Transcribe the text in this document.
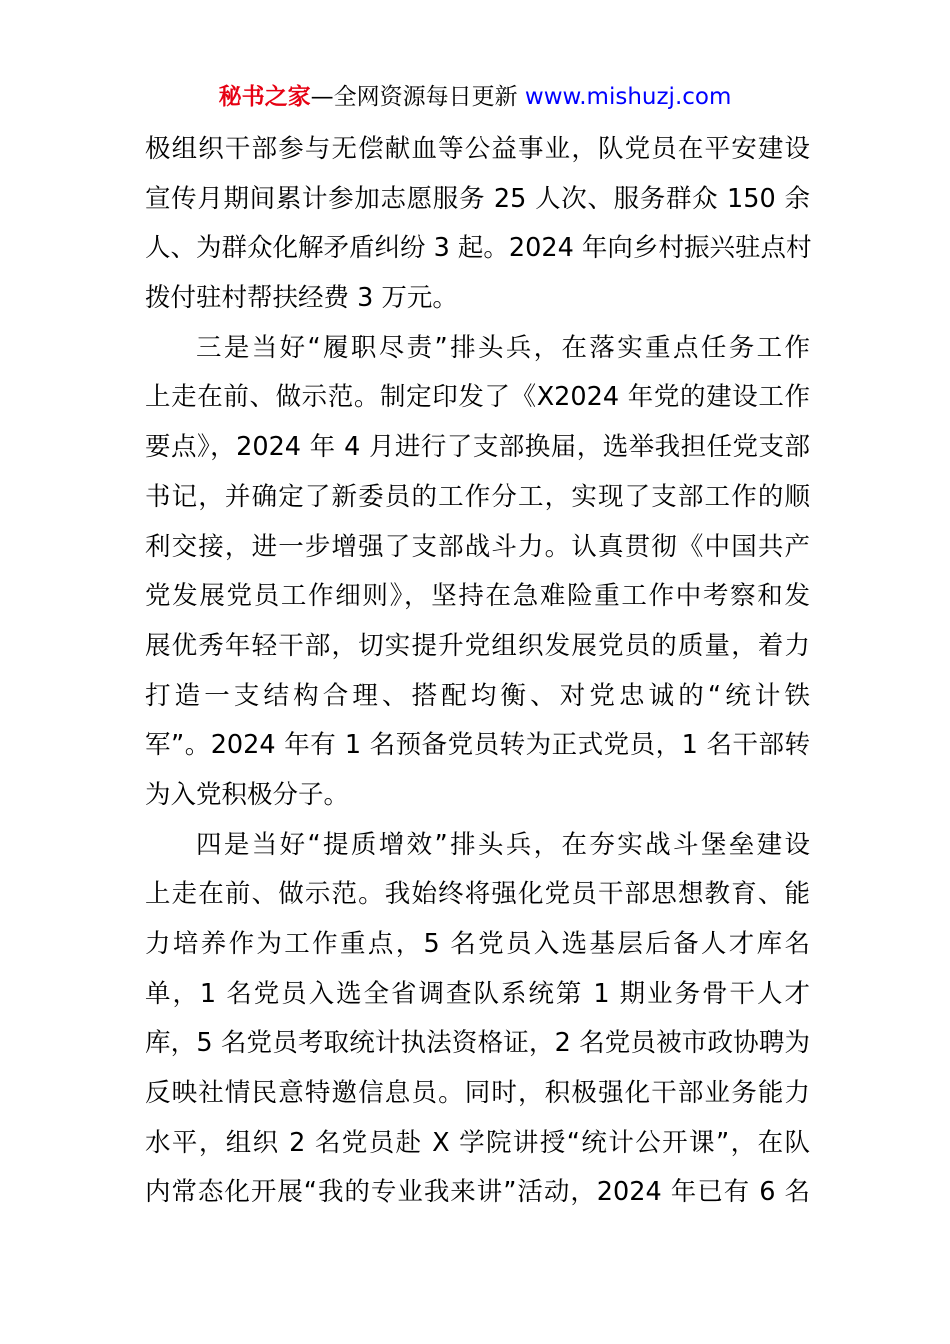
秘书之家—全网资源每日更新 www.mishuzj.com
极组织干部参与无偿献血等公益事业，队党员在平安建设
宣传月期间累计参加志愿服务 25 人次、服务群众 150 余
人、为群众化解矛盾纠纷 3 起。2024 年向乡村振兴驻点村
拨付驻村帮扶经费 3 万元。
三是当好“履职尽责”排头兵，在落实重点任务工作
上走在前、做示范。制定印发了《X2024 年党的建设工作
要点》，2024 年 4 月进行了支部换届，选举我担任党支部
书记，并确定了新委员的工作分工，实现了支部工作的顺
利交接，进一步增强了支部战斗力。认真贯彻《中国共产
党发展党员工作细则》，坚持在急难险重工作中考察和发
展优秀年轻干部，切实提升党组织发展党员的质量，着力
打造一支结构合理、搭配均衡、对党忠诚的“统计铁
军”。2024 年有 1 名预备党员转为正式党员，1 名干部转
为入党积极分子。
四是当好“提质增效”排头兵，在夯实战斗堡垒建设
上走在前、做示范。我始终将强化党员干部思想教育、能
力培养作为工作重点，5 名党员入选基层后备人才库名
单，1 名党员入选全省调查队系统第 1 期业务骨干人才
库，5 名党员考取统计执法资格证，2 名党员被市政协聘为
反映社情民意特邀信息员。同时，积极强化干部业务能力
水平，组织 2 名党员赴 X 学院讲授“统计公开课”，在队
内常态化开展“我的专业我来讲”活动，2024 年已有 6 名
